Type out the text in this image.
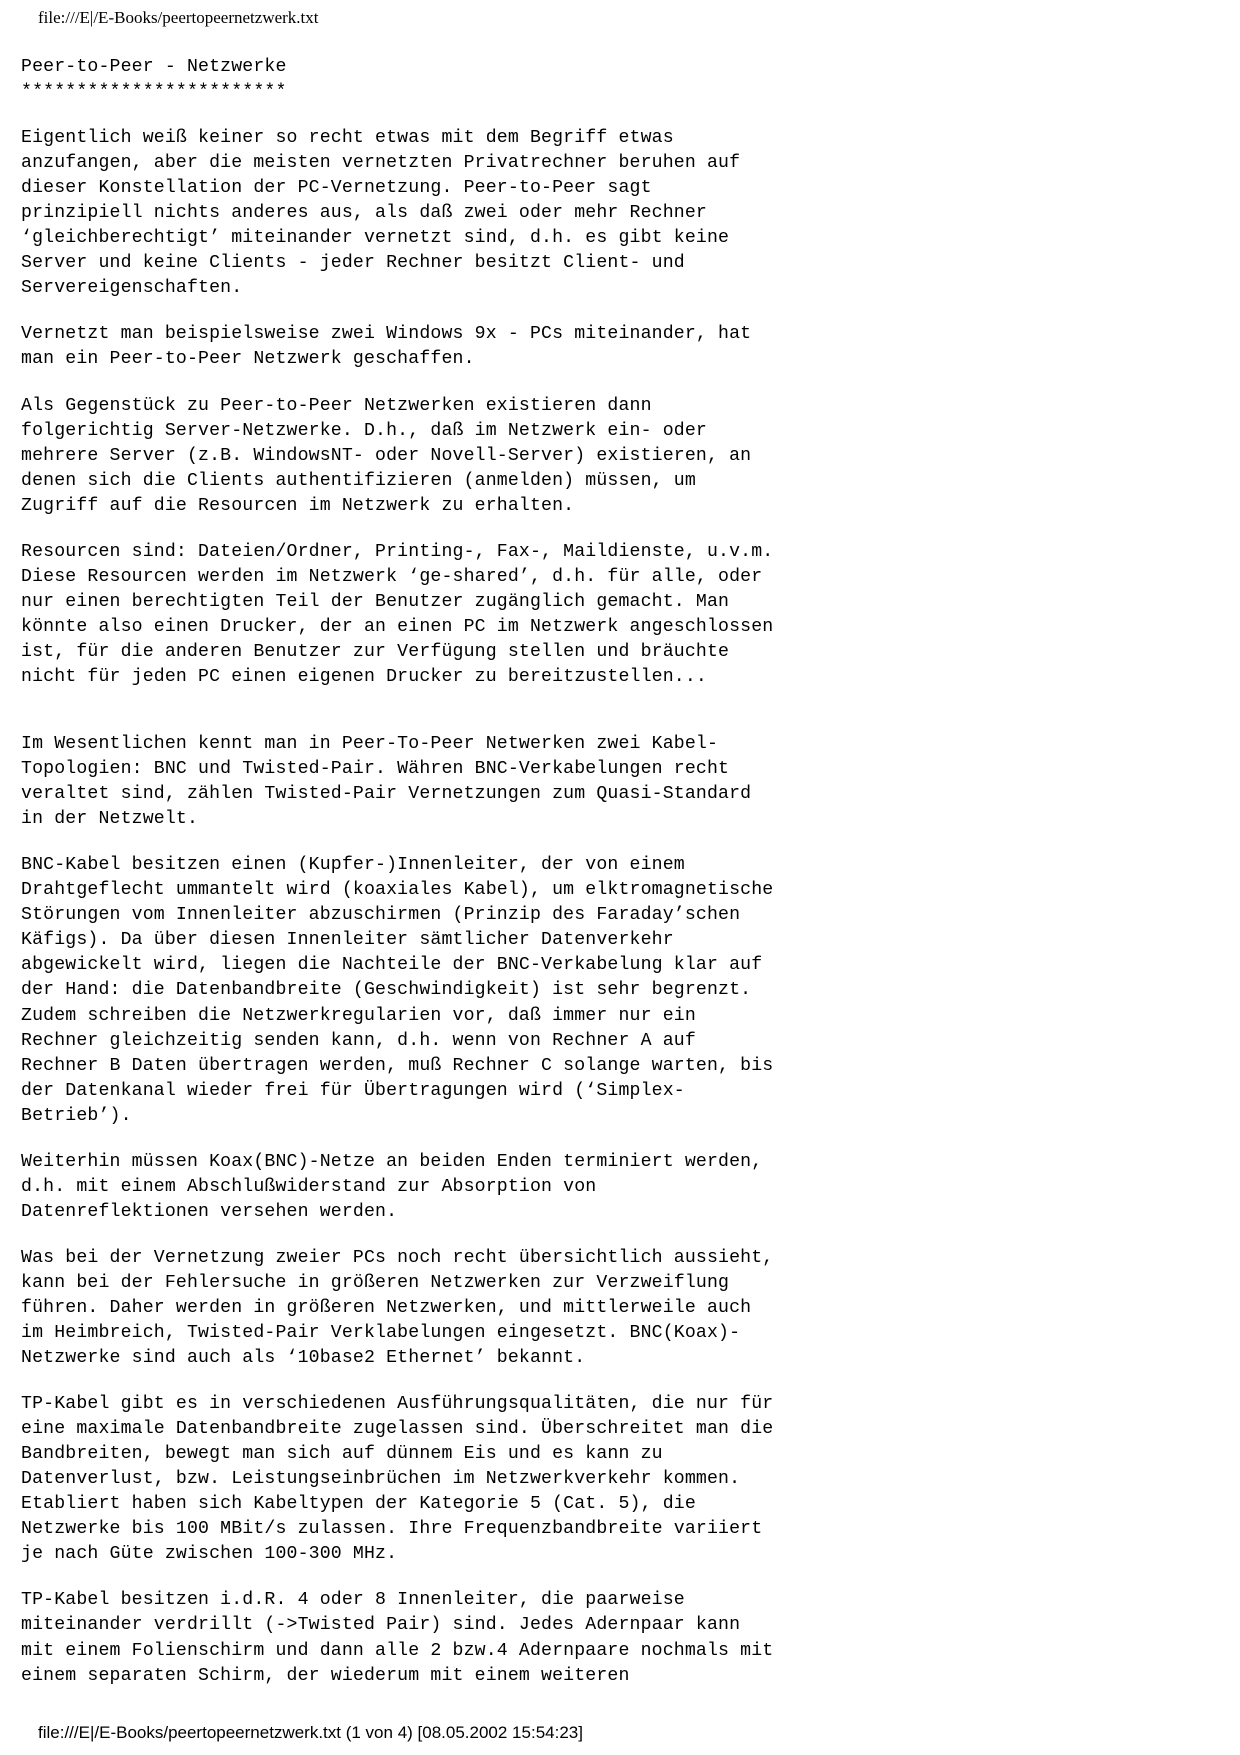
file:///E|/E-Books/peertopeernetzwerk.txt
Peer-to-Peer - Netzwerke
************************
Eigentlich weiß keiner so recht etwas mit dem Begriff etwas
anzufangen, aber die meisten vernetzten Privatrechner beruhen auf
dieser Konstellation der PC-Vernetzung. Peer-to-Peer sagt
prinzipiell nichts anderes aus, als daß zwei oder mehr Rechner
‘gleichberechtigt’ miteinander vernetzt sind, d.h. es gibt keine
Server und keine Clients - jeder Rechner besitzt Client- und
Servereigenschaften.
Vernetzt man beispielsweise zwei Windows 9x - PCs miteinander, hat
man ein Peer-to-Peer Netzwerk geschaffen.
Als Gegenstück zu Peer-to-Peer Netzwerken existieren dann
folgerichtig Server-Netzwerke. D.h., daß im Netzwerk ein- oder
mehrere Server (z.B. WindowsNT- oder Novell-Server) existieren, an
denen sich die Clients authentifizieren (anmelden) müssen, um
Zugriff auf die Resourcen im Netzwerk zu erhalten.
Resourcen sind: Dateien/Ordner, Printing-, Fax-, Maildienste, u.v.m.
Diese Resourcen werden im Netzwerk ‘ge-shared’, d.h. für alle, oder
nur einen berechtigten Teil der Benutzer zugänglich gemacht. Man
könnte also einen Drucker, der an einen PC im Netzwerk angeschlossen
ist, für die anderen Benutzer zur Verfügung stellen und bräuchte
nicht für jeden PC einen eigenen Drucker zu bereitzustellen...
Im Wesentlichen kennt man in Peer-To-Peer Netwerken zwei Kabel-
Topologien: BNC und Twisted-Pair. Währen BNC-Verkabelungen recht
veraltet sind, zählen Twisted-Pair Vernetzungen zum Quasi-Standard
in der Netzwelt.
BNC-Kabel besitzen einen (Kupfer-)Innenleiter, der von einem
Drahtgeflecht ummantelt wird (koaxiales Kabel), um elktromagnetische
Störungen vom Innenleiter abzuschirmen (Prinzip des Faraday’schen
Käfigs). Da über diesen Innenleiter sämtlicher Datenverkehr
abgewickelt wird, liegen die Nachteile der BNC-Verkabelung klar auf
der Hand: die Datenbandbreite (Geschwindigkeit) ist sehr begrenzt.
Zudem schreiben die Netzwerkregularien vor, daß immer nur ein
Rechner gleichzeitig senden kann, d.h. wenn von Rechner A auf
Rechner B Daten übertragen werden, muß Rechner C solange warten, bis
der Datenkanal wieder frei für Übertragungen wird (‘Simplex-
Betrieb’).
Weiterhin müssen Koax(BNC)-Netze an beiden Enden terminiert werden,
d.h. mit einem Abschlußwiderstand zur Absorption von
Datenreflektionen versehen werden.
Was bei der Vernetzung zweier PCs noch recht übersichtlich aussieht,
kann bei der Fehlersuche in größeren Netzwerken zur Verzweiflung
führen. Daher werden in größeren Netzwerken, und mittlerweile auch
im Heimbreich, Twisted-Pair Verklabelungen eingesetzt. BNC(Koax)-
Netzwerke sind auch als ‘10base2 Ethernet’ bekannt.
TP-Kabel gibt es in verschiedenen Ausführungsqualitäten, die nur für
eine maximale Datenbandbreite zugelassen sind. Überschreitet man die
Bandbreiten, bewegt man sich auf dünnem Eis und es kann zu
Datenverlust, bzw. Leistungseinbrüchen im Netzwerkverkehr kommen.
Etabliert haben sich Kabeltypen der Kategorie 5 (Cat. 5), die
Netzwerke bis 100 MBit/s zulassen. Ihre Frequenzbandbreite variiert
je nach Güte zwischen 100-300 MHz.
TP-Kabel besitzen i.d.R. 4 oder 8 Innenleiter, die paarweise
miteinander verdrillt (->Twisted Pair) sind. Jedes Adernpaar kann
mit einem Folienschirm und dann alle 2 bzw.4 Adernpaare nochmals mit
einem separaten Schirm, der wiederum mit einem weiteren
file:///E|/E-Books/peertopeernetzwerk.txt (1 von 4) [08.05.2002 15:54:23]
